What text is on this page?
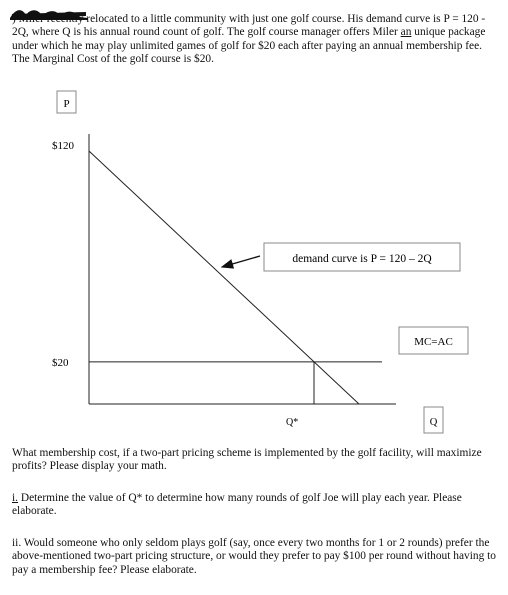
) Miler recently relocated to a little community with just one golf course. His demand curve is P = 120 - 2Q, where Q is his annual round count of golf. The golf course manager offers Miler an unique package under which he may play unlimited games of golf for $20 each after paying an annual membership fee. The Marginal Cost of the golf course is $20.

P
$120
$20
demand curve is P = 120 – 2Q
MC=AC
Q*	Q

What membership cost, if a two-part pricing scheme is implemented by the golf facility, will maximize profits? Please display your math.

i. Determine the value of Q* to determine how many rounds of golf Joe will play each year. Please elaborate.

ii. Would someone who only seldom plays golf (say, once every two months for 1 or 2 rounds) prefer the above-mentioned two-part pricing structure, or would they prefer to pay $100 per round without having to pay a membership fee? Please elaborate.
